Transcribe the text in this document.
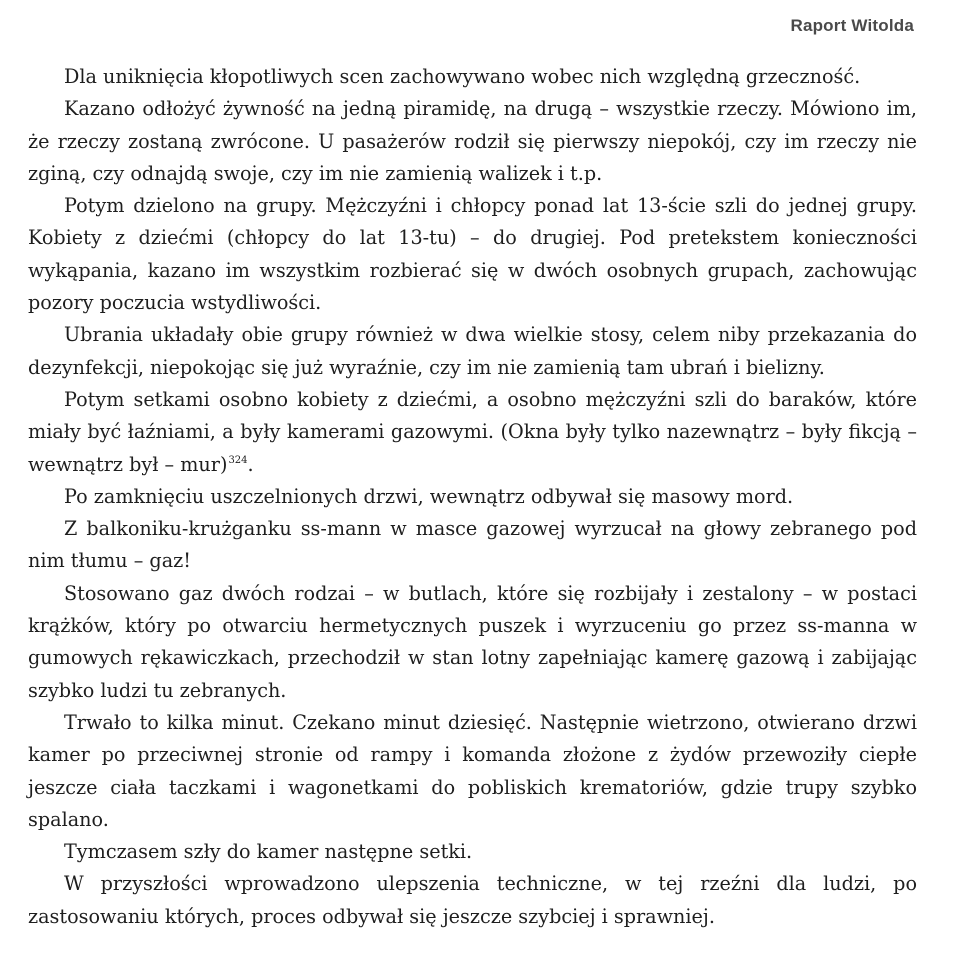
Raport Witolda

Dla uniknięcia kłopotliwych scen zachowywano wobec nich względną grzeczność.

Kazano odłożyć żywność na jedną piramidę, na drugą – wszystkie rzeczy. Mówiono im, że rzeczy zostaną zwrócone. U pasażerów rodził się pierwszy niepokój, czy im rzeczy nie zginą, czy odnajdą swoje, czy im nie zamienią walizek i t.p.

Potym dzielono na grupy. Mężczyźni i chłopcy ponad lat 13-ście szli do jednej grupy. Kobiety z dziećmi (chłopcy do lat 13-tu) – do drugiej. Pod pretekstem konieczności wykąpania, kazano im wszystkim rozbierać się w dwóch osobnych grupach, zachowując pozory poczucia wstydliwości.

Ubrania układały obie grupy również w dwa wielkie stosy, celem niby przekazania do dezynfekcji, niepokojąc się już wyraźnie, czy im nie zamienią tam ubrań i bielizny.

Potym setkami osobno kobiety z dziećmi, a osobno mężczyźni szli do baraków, które miały być łaźniami, a były kamerami gazowymi. (Okna były tylko nazewnątrz – były fikcją – wewnątrz był – mur)$^{324}$.

Po zamknięciu uszczelnionych drzwi, wewnątrz odbywał się masowy mord.

Z balkoniku-krużganku ss-mann w masce gazowej wyrzucał na głowy zebranego pod nim tłumu – gaz!

Stosowano gaz dwóch rodzai – w butlach, które się rozbijały i zestalony – w postaci krążków, który po otwarciu hermetycznych puszek i wyrzuceniu go przez ss-manna w gumowych rękawiczkach, przechodził w stan lotny zapełniając kamerę gazową i zabijając szybko ludzi tu zebranych.

Trwało to kilka minut. Czekano minut dziesięć. Następnie wietrzono, otwierano drzwi kamer po przeciwnej stronie od rampy i komanda złożone z żydów przewoziły ciepłe jeszcze ciała taczkami i wagonetkami do pobliskich krematoriów, gdzie trupy szybko spalano.

Tymczasem szły do kamer następne setki.

W przyszłości wprowadzono ulepszenia techniczne, w tej rzeźni dla ludzi, po zastosowaniu których, proces odbywał się jeszcze szybciej i sprawniej.
